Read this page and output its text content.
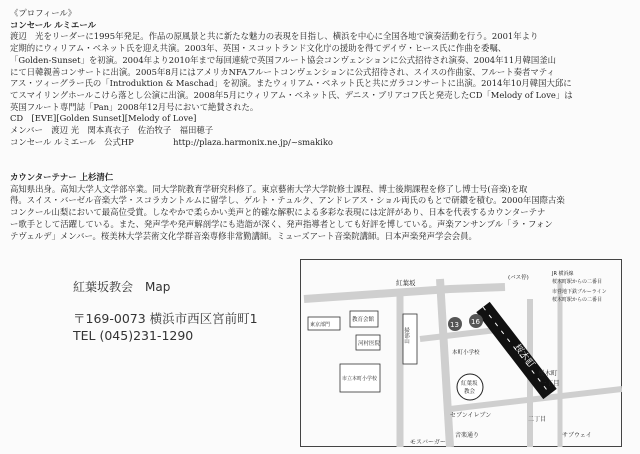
《プロフィール》
コンセール ルミエール
渡辺　光をリーダーに1995年発足。作品の原風景と共に新たな魅力の表現を目指し、横浜を中心に全国各地で演奏活動を行う。2001年より
定期的にウィリアム・ベネット氏を迎え共演。2003年、英国・スコットランド文化庁の援助を得てデイヴ・ヒース氏に作曲を委嘱、
「Golden-Sunset」を初演。2004年より2010年まで毎回連続で英国フルート協会コンヴェンションに公式招待され演奏、2004年11月韓国釜山
にて日韓親善コンサートに出演。2005年8月にはアメリカNFAフルートコンヴェンションに公式招待され、スイスの作曲家、フルート奏者マティ
アス・ツィーグラー氏の「Introduktion & Maschad」を初演。またウィリアム・ベネット氏と共にガラコンサートに出演。2014年10月韓国大邱に
てスマイリングホールこけら落とし公演に出演。2008年5月にウィリアム・ベネット氏、デニス・ブリアコフ氏と発売したCD「Melody of Love」は
英国フルート専門誌「Pan」2008年12月号において絶賛された。
CD　[EVE][Golden Sunset][Melody of Love]
メンバー　渡辺 光　関本真衣子　佐治牧子　福田穂子
コンセール ルミエール　公式HP	http://plaza.harmonix.ne.jp/~smakiko
カウンターテナー 上杉清仁
高知県出身。高知大学人文学部卒業。同大学院教育学研究科修了。東京藝術大学大学院修士課程、博士後期課程を修了し博士号(音楽)を取
得。スイス・バーゼル音楽大学・スコラカントルムに留学し、ゲルト・テュルク、アンドレアス・ショル両氏のもとで研鑽を積む。2000年国際古楽
コンクール山梨において最高位受賞。しなやかで柔らかい美声と的確な解釈による多彩な表現には定評があり、日本を代表するカウンターテナ
ー歌手として活躍している。また、発声学や発声解剖学にも造詣が深く、発声指導者としても好評を博している。声楽アンサンブル「ラ・フォン
テヴェルデ」メンバー。桜美林大学芸術文化学群音楽専修非常勤講師。ミューズアート音楽院講師。日本声楽発声学会会員。
紅葉坂教会　Map
〒169-0073 横浜市西区宮前町1
TEL (045)231-1290
桜木町
東京部門
教育会館
河村医院
市立本町小学校
掃部山
紅葉坂
13 16
本町小学校
紅葉坂
教会
(バス停)
JR 横浜線
桜木町駅からの二番目
市営地下鉄ブルーライン
桜木町駅からの二番目
桜木町
一丁目
二丁目
セブンイレブン
音楽通り
モスバーガー
サブウェイ
